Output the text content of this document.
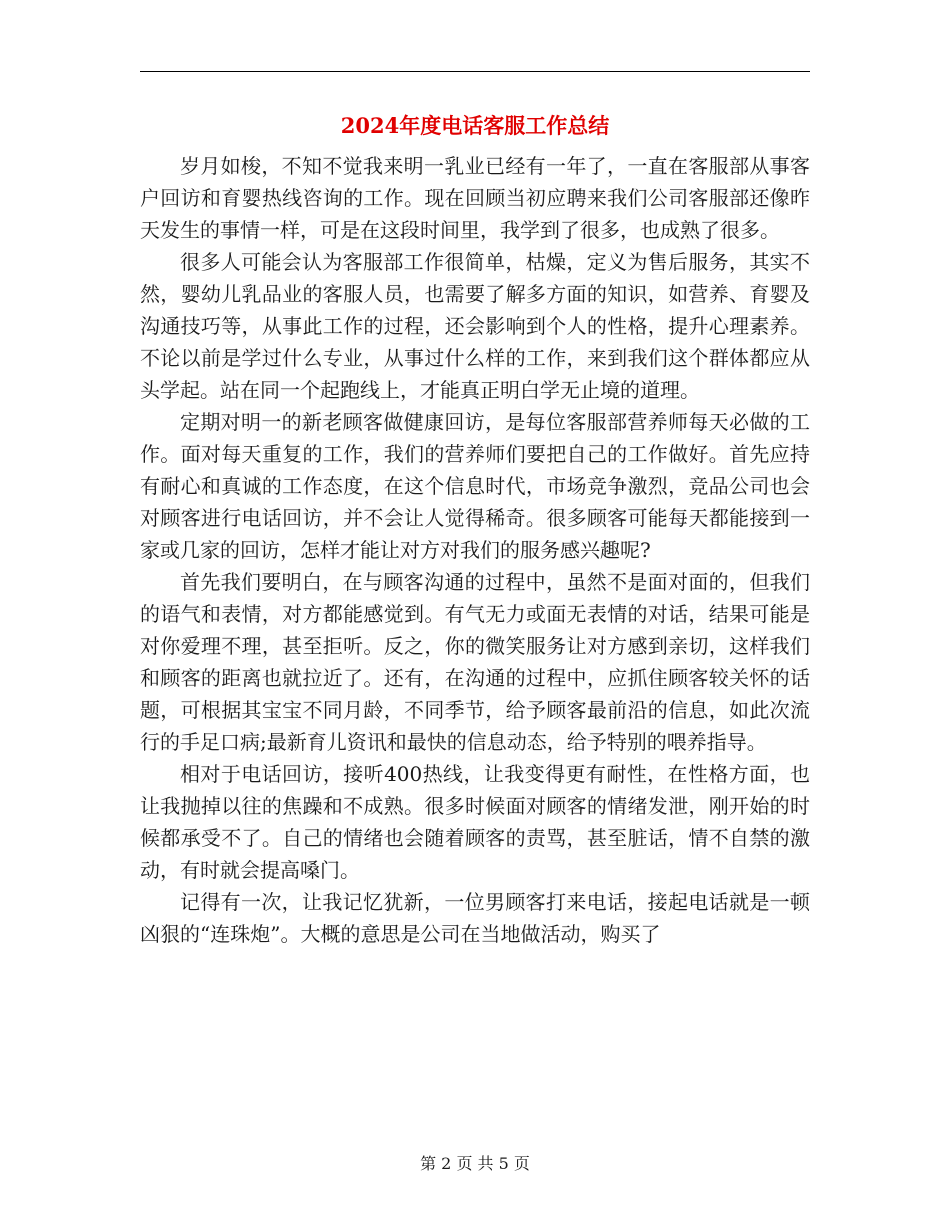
2024年度电话客服工作总结

岁月如梭，不知不觉我来明一乳业已经有一年了，一直在客服部从事客户回访和育婴热线咨询的工作。现在回顾当初应聘来我们公司客服部还像昨天发生的事情一样，可是在这段时间里，我学到了很多，也成熟了很多。

很多人可能会认为客服部工作很简单，枯燥，定义为售后服务，其实不然，婴幼儿乳品业的客服人员，也需要了解多方面的知识，如营养、育婴及沟通技巧等，从事此工作的过程，还会影响到个人的性格，提升心理素养。不论以前是学过什么专业，从事过什么样的工作，来到我们这个群体都应从头学起。站在同一个起跑线上，才能真正明白学无止境的道理。

定期对明一的新老顾客做健康回访，是每位客服部营养师每天必做的工作。面对每天重复的工作，我们的营养师们要把自己的工作做好。首先应持有耐心和真诚的工作态度，在这个信息时代，市场竞争激烈，竞品公司也会对顾客进行电话回访，并不会让人觉得稀奇。很多顾客可能每天都能接到一家或几家的回访，怎样才能让对方对我们的服务感兴趣呢?

首先我们要明白，在与顾客沟通的过程中，虽然不是面对面的，但我们的语气和表情，对方都能感觉到。有气无力或面无表情的对话，结果可能是对你爱理不理，甚至拒听。反之，你的微笑服务让对方感到亲切，这样我们和顾客的距离也就拉近了。还有，在沟通的过程中，应抓住顾客较关怀的话题，可根据其宝宝不同月龄，不同季节，给予顾客最前沿的信息，如此次流行的手足口病;最新育儿资讯和最快的信息动态，给予特别的喂养指导。

相对于电话回访，接听400热线，让我变得更有耐性，在性格方面，也让我抛掉以往的焦躁和不成熟。很多时候面对顾客的情绪发泄，刚开始的时候都承受不了。自己的情绪也会随着顾客的责骂，甚至脏话，情不自禁的激动，有时就会提高嗓门。

记得有一次，让我记忆犹新，一位男顾客打来电话，接起电话就是一顿凶狠的“连珠炮”。大概的意思是公司在当地做活动，购买了

第 2 页 共 5 页
